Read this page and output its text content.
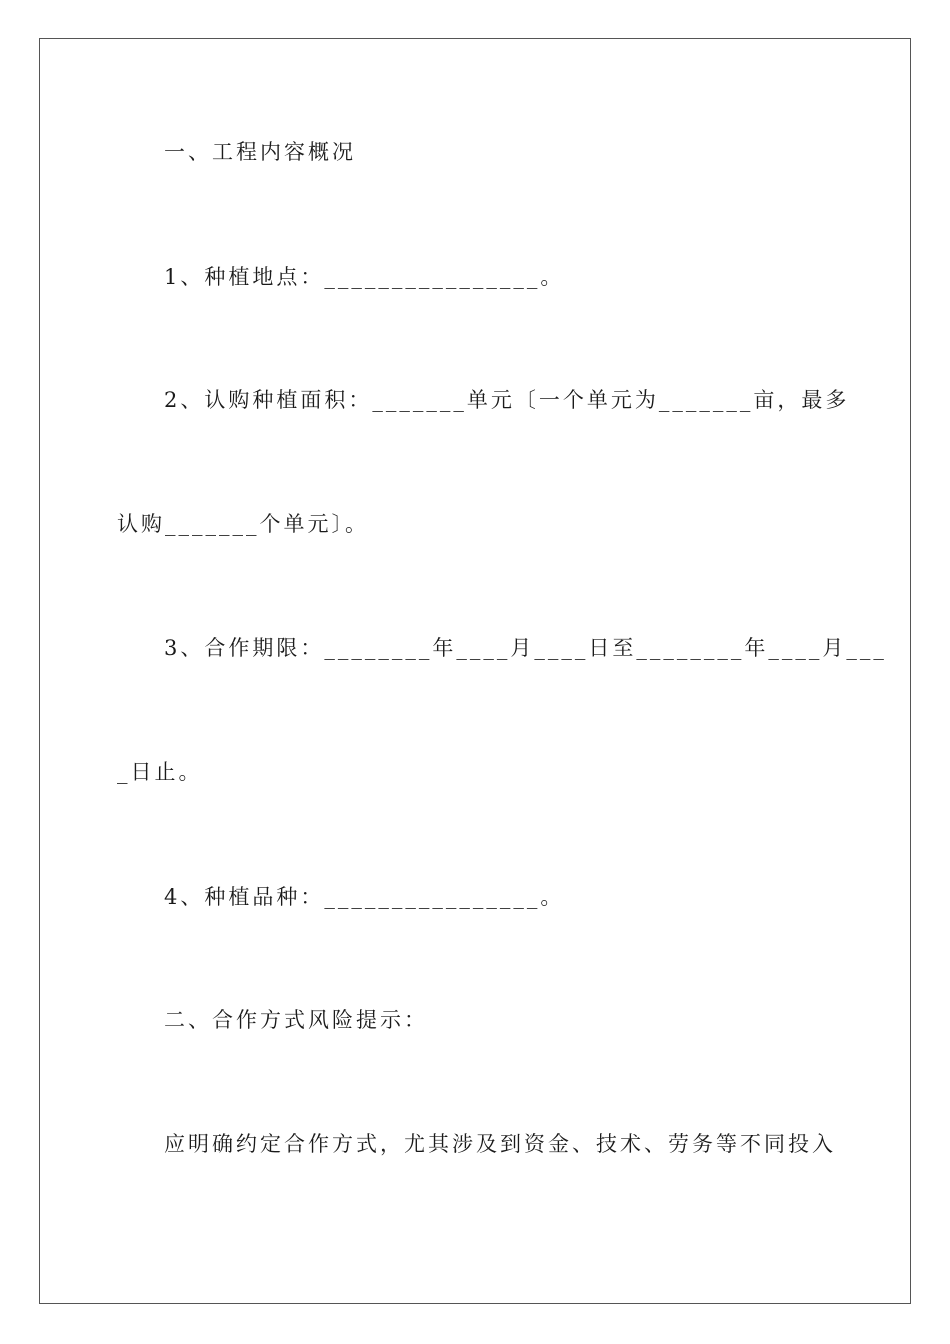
一、工程内容概况

1、种植地点：________________。

2、认购种植面积：_______单元〔一个单元为_______亩，最多

认购_______个单元〕。

3、合作期限：________年____月____日至________年____月___

_日止。

4、种植品种：________________。

二、合作方式风险提示：

应明确约定合作方式，尤其涉及到资金、技术、劳务等不同投入
